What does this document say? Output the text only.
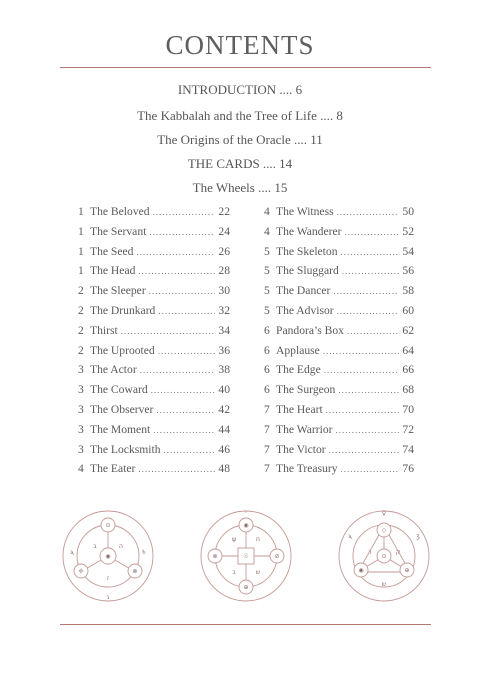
CONTENTS
INTRODUCTION .... 6
The Kabbalah and the Tree of Life .... 8
The Origins of the Oracle .... 11
THE CARDS .... 14
The Wheels .... 15
1 The Beloved .....	22
1 The Servant .....	24
1 The Seed .....	26
1 The Head .....	28
2 The Sleeper .....	30
2 The Drunkard .....	32
2 Thirst .....	34
2 The Uprooted .....	36
3 The Actor .....	38
3 The Coward .....	40
3 The Observer .....	42
3 The Moment .....	44
3 The Locksmith .....	46
4 The Eater .....	48
4 The Witness .....	50
4 The Wanderer .....	52
5 The Skeleton .....	54
5 The Sluggard .....	56
5 The Dancer .....	58
5 The Advisor .....	60
6 Pandora’s Box .....	62
6 Applause .....	64
6 The Edge .....	66
6 The Surgeon .....	68
7 The Heart .....	70
7 The Warrior .....	72
7 The Victor .....	74
7 The Treasury .....	76
◉
⊙
✢	⊗
ב	ה
ז
ϡ	♄
ɿ
☉
◉
⊕
⊗	⊘
◦
ψ	ח
ב	ש
⊙
◇
◉	⊕
♀
ϡ	ʒ
ר	ק
ש
